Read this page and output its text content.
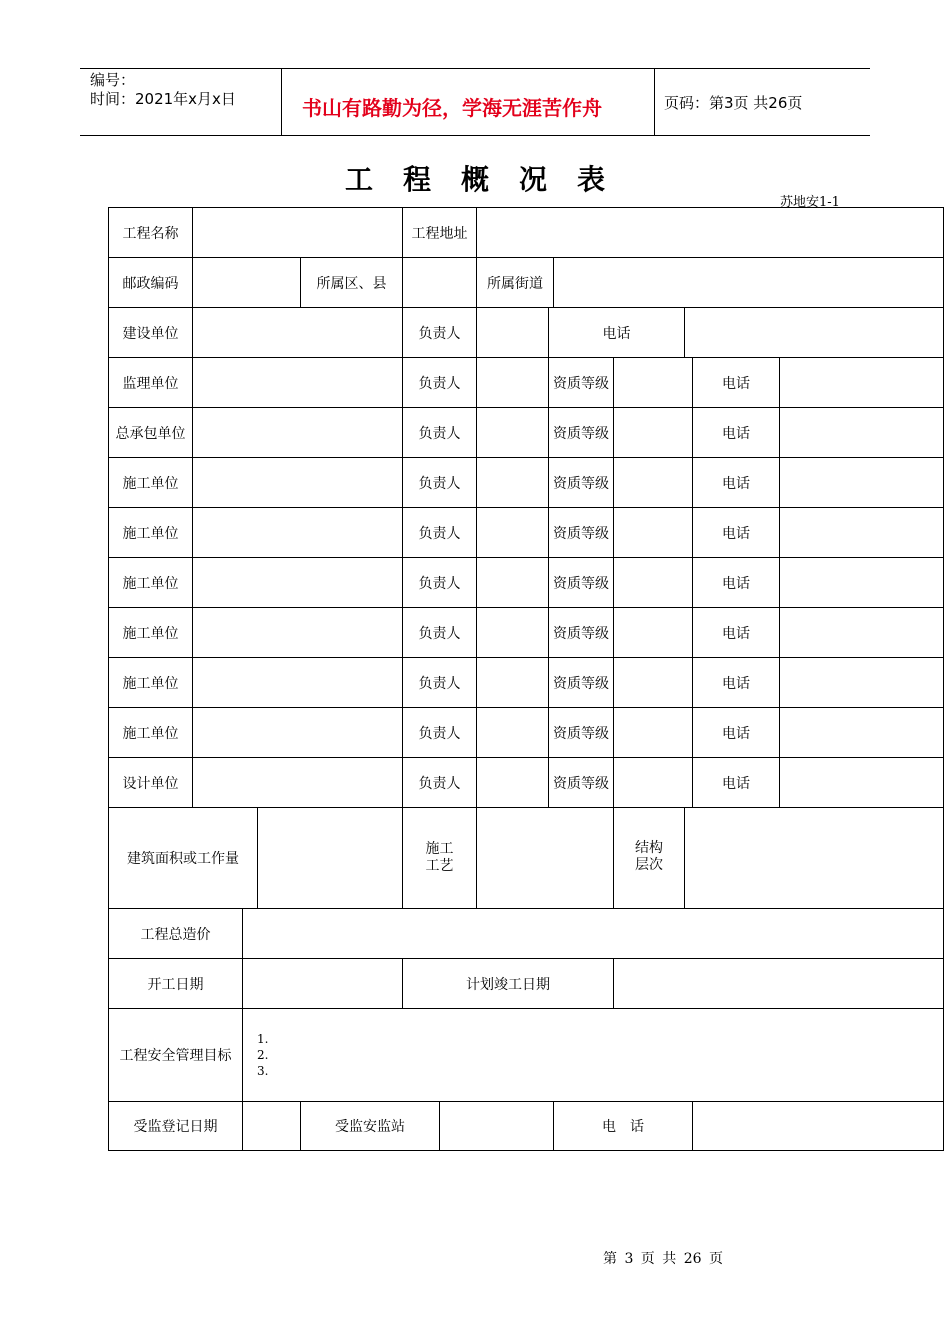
编号：
时间：2021年x月x日	书山有路勤为径，学海无涯苦作舟	页码：第3页 共26页
工程概况表
苏地安1-1
工程名称					工程地址								
邮政编码				所属区、县			所属街道						
建设单位					负责人			电话					
监理单位					负责人			资质等级				电话	
总承包单位					负责人			资质等级				电话	
施工单位					负责人			资质等级				电话	
施工单位					负责人			资质等级				电话	
施工单位					负责人			资质等级				电话	
施工单位					负责人			资质等级				电话	
施工单位					负责人			资质等级				电话	
施工单位					负责人			资质等级				电话	
设计单位					负责人			资质等级				电话	
建筑面积或工作量					施工工艺					结构层次			
工程总造价													
开工日期					计划竣工日期								
工程安全管理目标		1.
2.
3.											

受监登记日期				受监安监站					电　话				
第 3 页 共 26 页
